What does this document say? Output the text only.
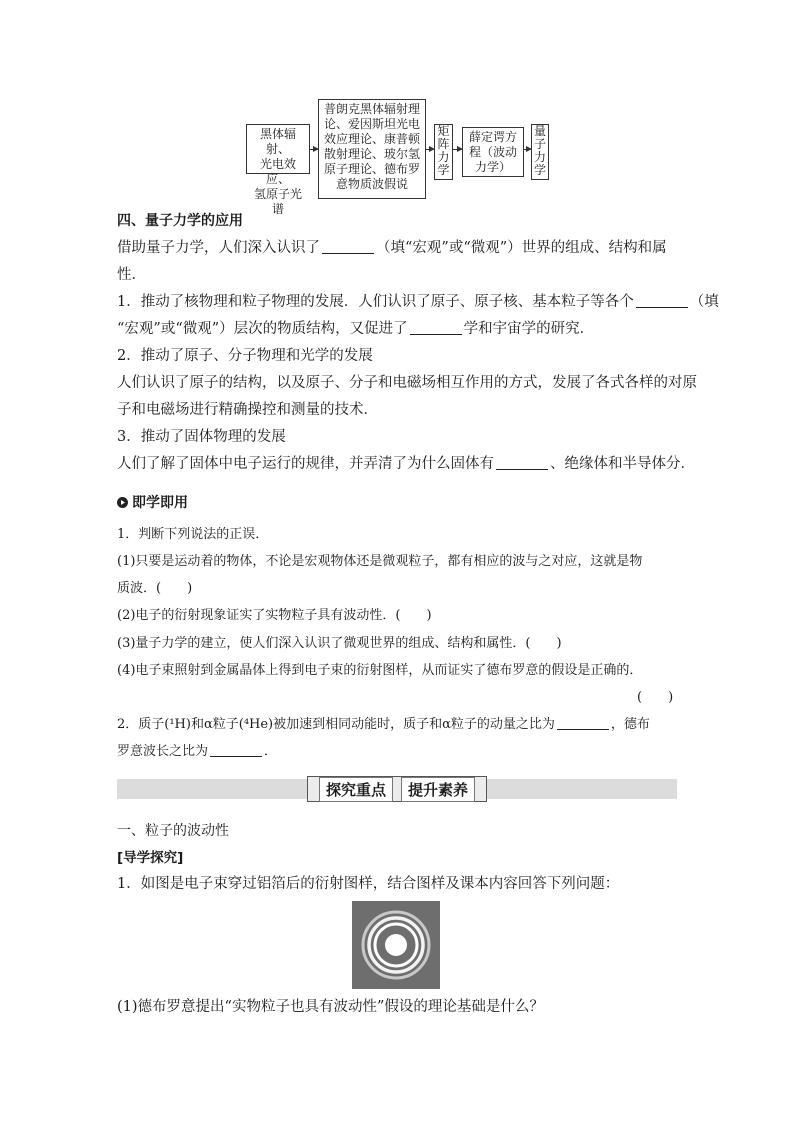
黑体辐射、
光电效应、
氢原子光谱
普朗克黑体辐射理
论、爱因斯坦光电
效应理论、康普顿
散射理论、玻尔氢
原子理论、德布罗
意物质波假说
矩
阵
力
学
薛定谔方
程（波动
力学）
量
子
力
学
四、量子力学的应用
借助量子力学，人们深入认识了	（填“宏观”或“微观”）世界的组成、结构和属
性．
1．推动了核物理和粒子物理的发展．人们认识了原子、原子核、基本粒子等各个	（填
“宏观”或“微观”）层次的物质结构，又促进了	学和宇宙学的研究．
2．推动了原子、分子物理和光学的发展
人们认识了原子的结构，以及原子、分子和电磁场相互作用的方式，发展了各式各样的对原
子和电磁场进行精确操控和测量的技术．
3．推动了固体物理的发展
人们了解了固体中电子运行的规律，并弄清了为什么固体有	、绝缘体和半导体分．
即学即用
1．判断下列说法的正误．
(1)只要是运动着的物体，不论是宏观物体还是微观粒子，都有相应的波与之对应，这就是物
质波．(　　)
(2)电子的衍射现象证实了实物粒子具有波动性．(　　)
(3)量子力学的建立，使人们深入认识了微观世界的组成、结构和属性．(　　)
(4)电子束照射到金属晶体上得到电子束的衍射图样，从而证实了德布罗意的假设是正确的．
(　　)
2．质子(¹H)和α粒子(⁴He)被加速到相同动能时，质子和α粒子的动量之比为	，德布
罗意波长之比为	．
探究重点	提升素养
一、粒子的波动性
[导学探究]
1．如图是电子束穿过铝箔后的衍射图样，结合图样及课本内容回答下列问题：
(1)德布罗意提出“实物粒子也具有波动性”假设的理论基础是什么？
